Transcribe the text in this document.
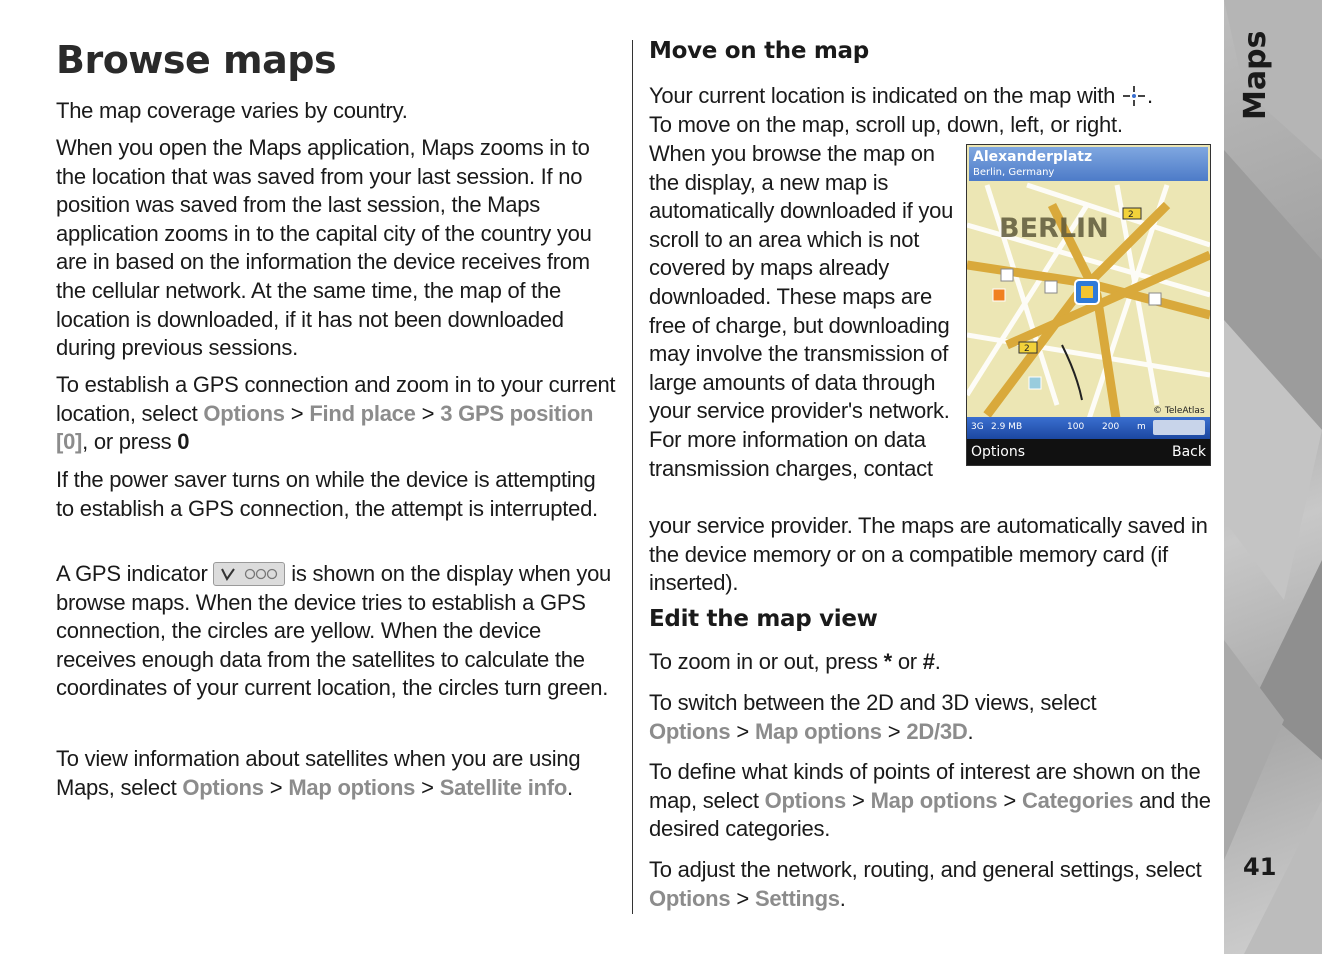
Browse maps

The map coverage varies by country.

When you open the Maps application, Maps zooms in to the location that was saved from your last session. If no position was saved from the last session, the Maps application zooms in to the capital city of the country you are in based on the information the device receives from the cellular network. At the same time, the map of the location is downloaded, if it has not been downloaded during previous sessions.

To establish a GPS connection and zoom in to your current location, select Options > Find place > 3 GPS position [0], or press 0

If the power saver turns on while the device is attempting to establish a GPS connection, the attempt is interrupted.

A GPS indicator	is shown on the display when you browse maps. When the device tries to establish a GPS connection, the circles are yellow. When the device receives enough data from the satellites to calculate the coordinates of your current location, the circles turn green.

To view information about satellites when you are using Maps, select Options > Map options > Satellite info.

Move on the map

Your current location is indicated on the map with .

To move on the map, scroll up, down, left, or right.

When you browse the map on the display, a new map is automatically downloaded if you scroll to an area which is not covered by maps already downloaded. These maps are free of charge, but downloading may involve the transmission of large amounts of data through your service provider's network. For more information on data transmission charges, contact

your service provider. The maps are automatically saved in the device memory or on a compatible memory card (if inserted).

2
2
BERLIN
© TeleAtlas
Alexanderplatz
Berlin, Germany
3G 2.9 MB	100 200 m
Options	Back
Edit the map view

To zoom in or out, press * or #.

To switch between the 2D and 3D views, select Options > Map options > 2D/3D.

To define what kinds of points of interest are shown on the map, select Options > Map options > Categories and the desired categories.

To adjust the network, routing, and general settings, select Options > Settings.

Maps
41
